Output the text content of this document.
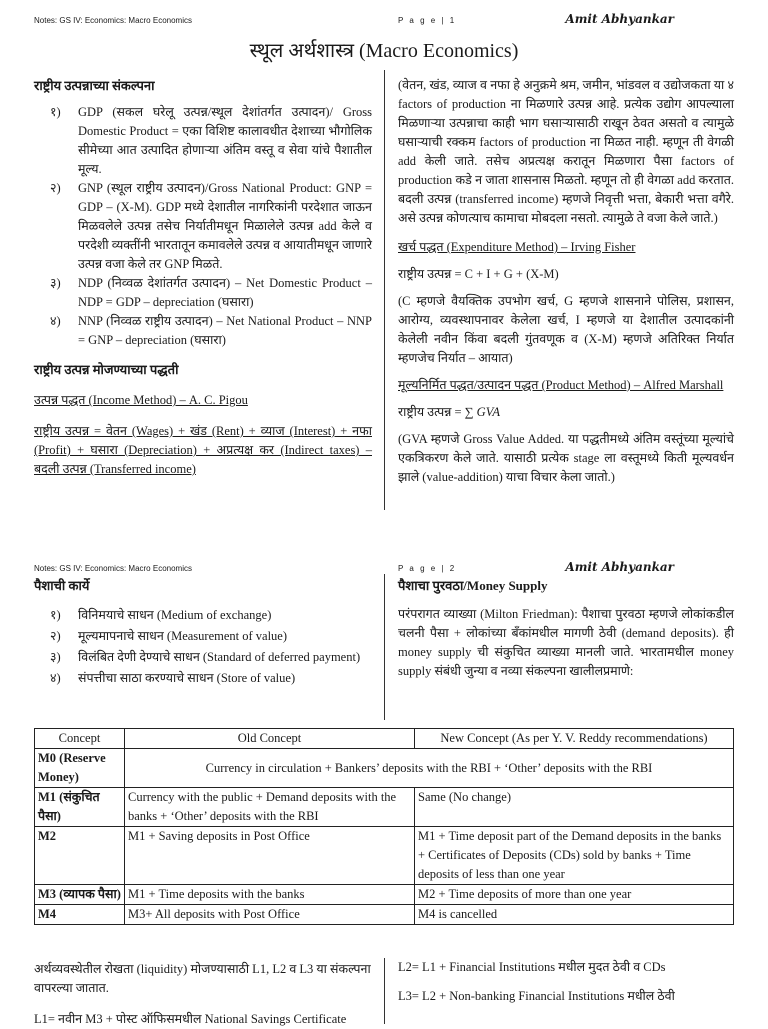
Notes: GS IV: Economics: Macro Economics	P a g e | 1	Amit Abhyankar
स्थूल अर्थशास्त्र (Macro Economics)

राष्ट्रीय उत्पन्नाच्या संकल्पना

१) GDP (सकल घरेलू उत्पन्न/स्थूल देशांतर्गत उत्पादन)/ Gross Domestic Product = एका विशिष्ट कालावधीत देशाच्या भौगोलिक सीमेच्या आत उत्पादित होणाऱ्या अंतिम वस्तू व सेवा यांचे पैशातील मूल्य.
२) GNP (स्थूल राष्ट्रीय उत्पादन)/Gross National Product: GNP = GDP – (X-M). GDP मध्ये देशातील नागरिकांनी परदेशात जाऊन मिळवलेले उत्पन्न तसेच निर्यातीमधून मिळालेले उत्पन्न add केले व परदेशी व्यक्तींनी भारतातून कमावलेले उत्पन्न व आयातीमधून जाणारे उत्पन्न वजा केले तर GNP मिळते.
३) NDP (निव्वळ देशांतर्गत उत्पादन) – Net Domestic Product – NDP = GDP – depreciation (घसारा)
४) NNP (निव्वळ राष्ट्रीय उत्पादन) – Net National Product – NNP = GNP – depreciation (घसारा)

राष्ट्रीय उत्पन्न मोजण्याच्या पद्धती

उत्पन्न पद्धत (Income Method) – A. C. Pigou

राष्ट्रीय उत्पन्न = वेतन (Wages) + खंड (Rent) + व्याज (Interest) + नफा (Profit) + घसारा (Depreciation) + अप्रत्यक्ष कर (Indirect taxes) – बदली उत्पन्न (Transferred income)

(वेतन, खंड, व्याज व नफा हे अनुक्रमे श्रम, जमीन, भांडवल व उद्योजकता या ४ factors of production ना मिळणारे उत्पन्न आहे. प्रत्येक उद्योग आपल्याला मिळणाऱ्या उत्पन्नाचा काही भाग घसाऱ्यासाठी राखून ठेवत असतो व त्यामुळे घसाऱ्याची रक्कम factors of production ना मिळत नाही. म्हणून ती वेगळी add केली जाते. तसेच अप्रत्यक्ष करातून मिळणारा पैसा factors of production कडे न जाता शासनास मिळतो. म्हणून तो ही वेगळा add करतात. बदली उत्पन्न (transferred income) म्हणजे निवृत्ती भत्ता, बेकारी भत्ता वगैरे. असे उत्पन्न कोणत्याच कामाचा मोबदला नसतो. त्यामुळे ते वजा केले जाते.)

खर्च पद्धत (Expenditure Method) – Irving Fisher

राष्ट्रीय उत्पन्न = C + I + G + (X-M)

(C म्हणजे वैयक्तिक उपभोग खर्च, G म्हणजे शासनाने पोलिस, प्रशासन, आरोग्य, व्यवस्थापनावर केलेला खर्च, I म्हणजे या देशातील उत्पादकांनी केलेली नवीन किंवा बदली गुंतवणूक व (X-M) म्हणजे अतिरिक्त निर्यात म्हणजेच निर्यात – आयात)

मूल्यनिर्मित पद्धत/उत्पादन पद्धत (Product Method) – Alfred Marshall

राष्ट्रीय उत्पन्न = ∑ GVA

(GVA म्हणजे Gross Value Added. या पद्धतीमध्ये अंतिम वस्तूंच्या मूल्यांचे एकत्रिकरण केले जाते. यासाठी प्रत्येक stage ला वस्तूमध्ये किती मूल्यवर्धन झाले (value-addition) याचा विचार केला जातो.)

Notes: GS IV: Economics: Macro Economics	P a g e | 2	Amit Abhyankar

पैशाची कार्ये

१) विनिमयाचे साधन (Medium of exchange)
२) मूल्यमापनाचे साधन (Measurement of value)
३) विलंबित देणी देण्याचे साधन (Standard of deferred payment)
४) संपत्तीचा साठा करण्याचे साधन (Store of value)

पैशाचा पुरवठा/Money Supply

परंपरागत व्याख्या (Milton Friedman): पैशाचा पुरवठा म्हणजे लोकांकडील चलनी पैसा + लोकांच्या बँकांमधील मागणी ठेवी (demand deposits). ही money supply ची संकुचित व्याख्या मानली जाते. भारतामधील money supply संबंधी जुन्या व नव्या संकल्पना खालीलप्रमाणे:

Concept	Old Concept	New Concept (As per Y. V. Reddy recommendations)
M0 (Reserve Money)	Currency in circulation + Bankers’ deposits with the RBI + ‘Other’ deposits with the RBI	
M1 (संकुचित पैसा)	Currency with the public + Demand deposits with the banks + ‘Other’ deposits with the RBI	Same (No change)
M2	M1 + Saving deposits in Post Office	M1 + Time deposit part of the Demand deposits in the banks + Certificates of Deposits (CDs) sold by banks + Time deposits of less than one year
M3 (व्यापक पैसा)	M1 + Time deposits with the banks	M2 + Time deposits of more than one year
M4	M3+ All deposits with Post Office	M4 is cancelled

अर्थव्यवस्थेतील रोखता (liquidity) मोजण्यासाठी L1, L2 व L3 या संकल्पना वापरल्या जातात.

L1= नवीन M3 + पोस्ट ऑफिसमधील National Savings Certificate

L2= L1 + Financial Institutions मधील मुदत ठेवी व CDs

L3= L2 + Non-banking Financial Institutions मधील ठेवी
